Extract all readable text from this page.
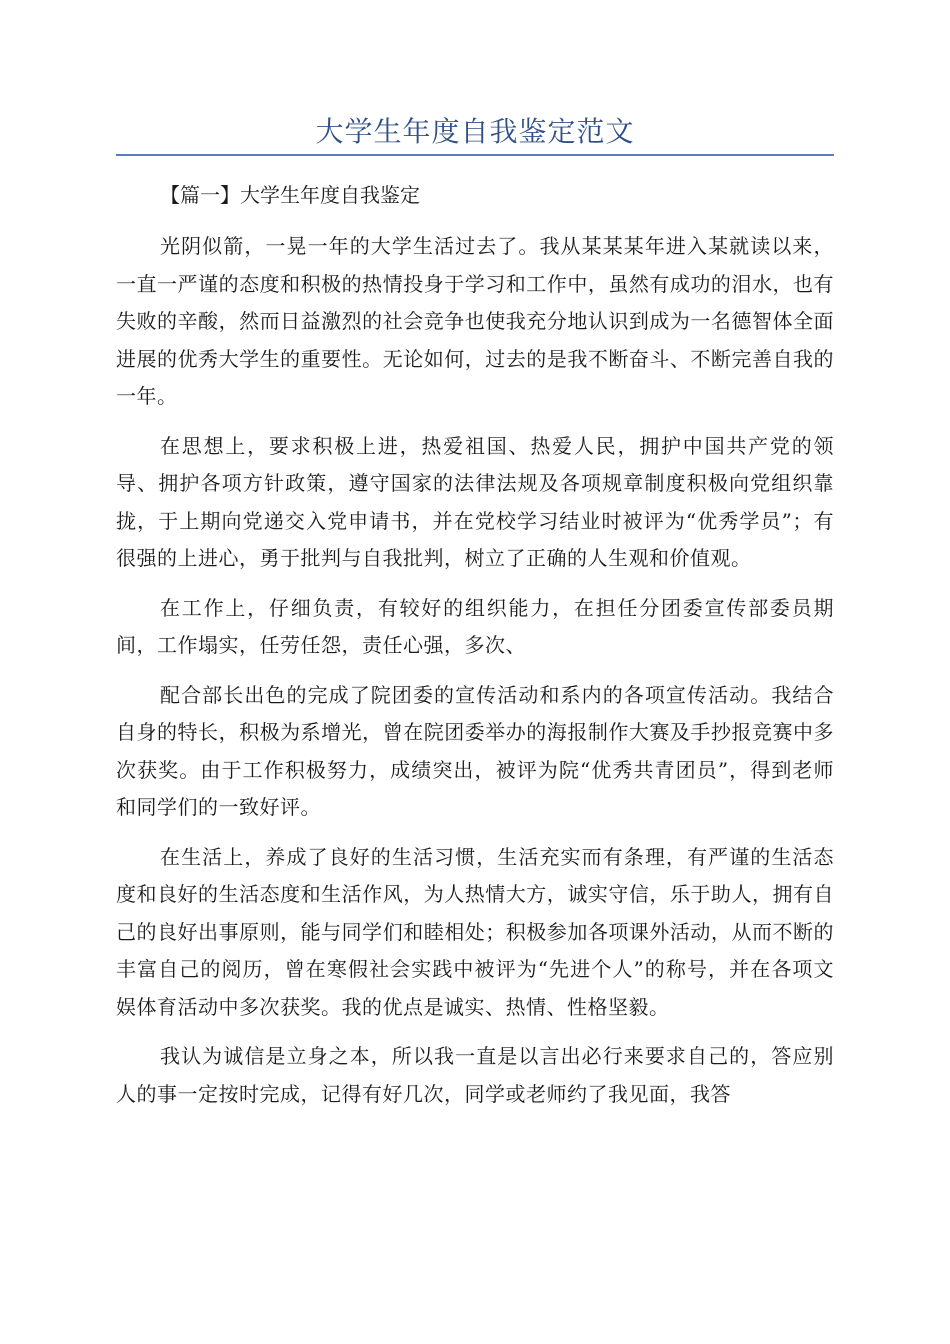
大学生年度自我鉴定范文

【篇一】大学生年度自我鉴定

光阴似箭，一晃一年的大学生活过去了。我从某某某年进入某就读以来，一直一严谨的态度和积极的热情投身于学习和工作中，虽然有成功的泪水，也有失败的辛酸，然而日益激烈的社会竞争也使我充分地认识到成为一名德智体全面进展的优秀大学生的重要性。无论如何，过去的是我不断奋斗、不断完善自我的一年。

在思想上，要求积极上进，热爱祖国、热爱人民，拥护中国共产党的领导、拥护各项方针政策，遵守国家的法律法规及各项规章制度积极向党组织靠拢，于上期向党递交入党申请书，并在党校学习结业时被评为“优秀学员”；有很强的上进心，勇于批判与自我批判，树立了正确的人生观和价值观。

在工作上，仔细负责，有较好的组织能力，在担任分团委宣传部委员期间，工作塌实，任劳任怨，责任心强，多次、

配合部长出色的完成了院团委的宣传活动和系内的各项宣传活动。我结合自身的特长，积极为系增光，曾在院团委举办的海报制作大赛及手抄报竞赛中多次获奖。由于工作积极努力，成绩突出，被评为院“优秀共青团员”，得到老师和同学们的一致好评。

在生活上，养成了良好的生活习惯，生活充实而有条理，有严谨的生活态度和良好的生活态度和生活作风，为人热情大方，诚实守信，乐于助人，拥有自己的良好出事原则，能与同学们和睦相处；积极参加各项课外活动，从而不断的丰富自己的阅历，曾在寒假社会实践中被评为“先进个人”的称号，并在各项文娱体育活动中多次获奖。我的优点是诚实、热情、性格坚毅。

我认为诚信是立身之本，所以我一直是以言出必行来要求自己的，答应别人的事一定按时完成，记得有好几次，同学或老师约了我见面，我答
